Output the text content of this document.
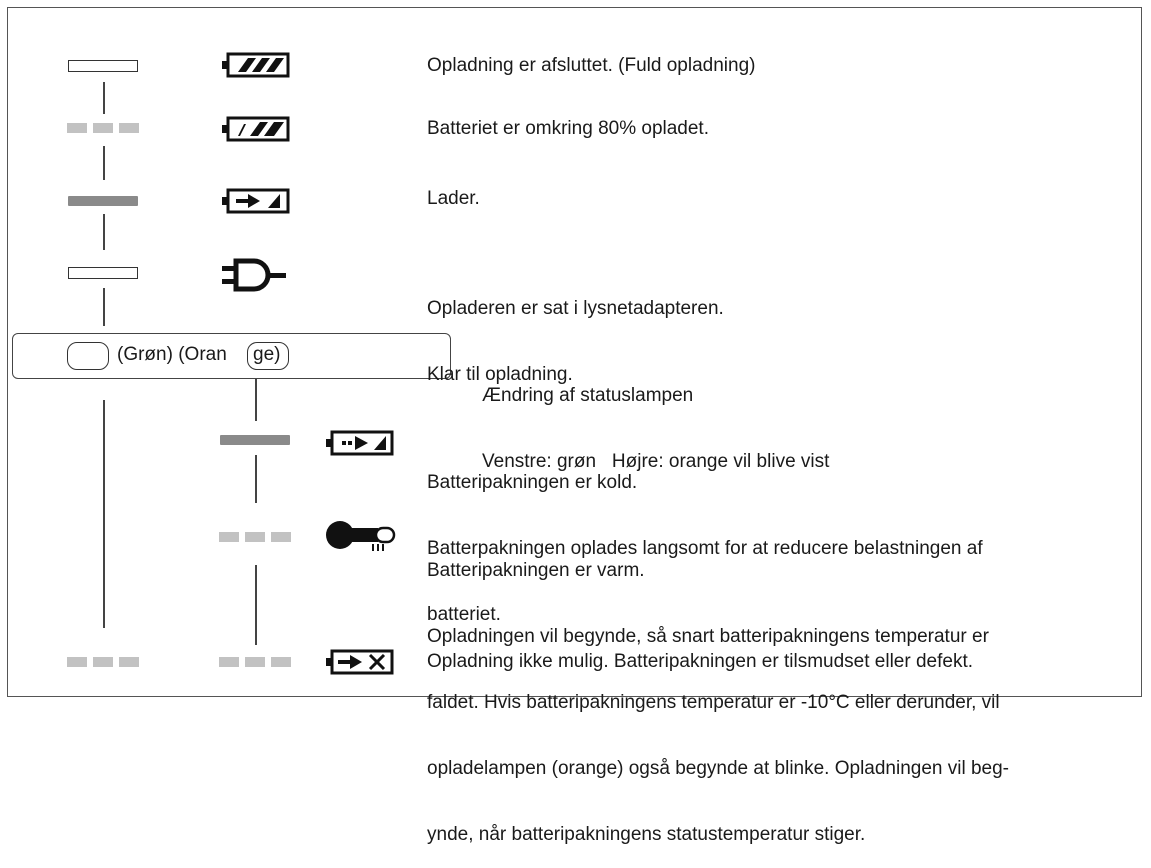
(Grøn) (Oran ge)
Opladning er afsluttet. (Fuld opladning)
Batteriet er omkring 80% opladet.
Lader.

Opladeren er sat i lysnetadapteren.

Klar til opladning.

Ændring af statuslampen

Venstre: grøn   Højre: orange vil blive vist

Batteripakningen er kold.

Batterpakningen oplades langsomt for at reducere belastningen af

batteriet.

Batteripakningen er varm.

Opladningen vil begynde, så snart batteripakningens temperatur er

faldet. Hvis batteripakningens temperatur er -10°C eller derunder, vil

opladelampen (orange) også begynde at blinke. Opladningen vil beg-

ynde, når batteripakningens statustemperatur stiger.

Opladning ikke mulig. Batteripakningen er tilsmudset eller defekt.
